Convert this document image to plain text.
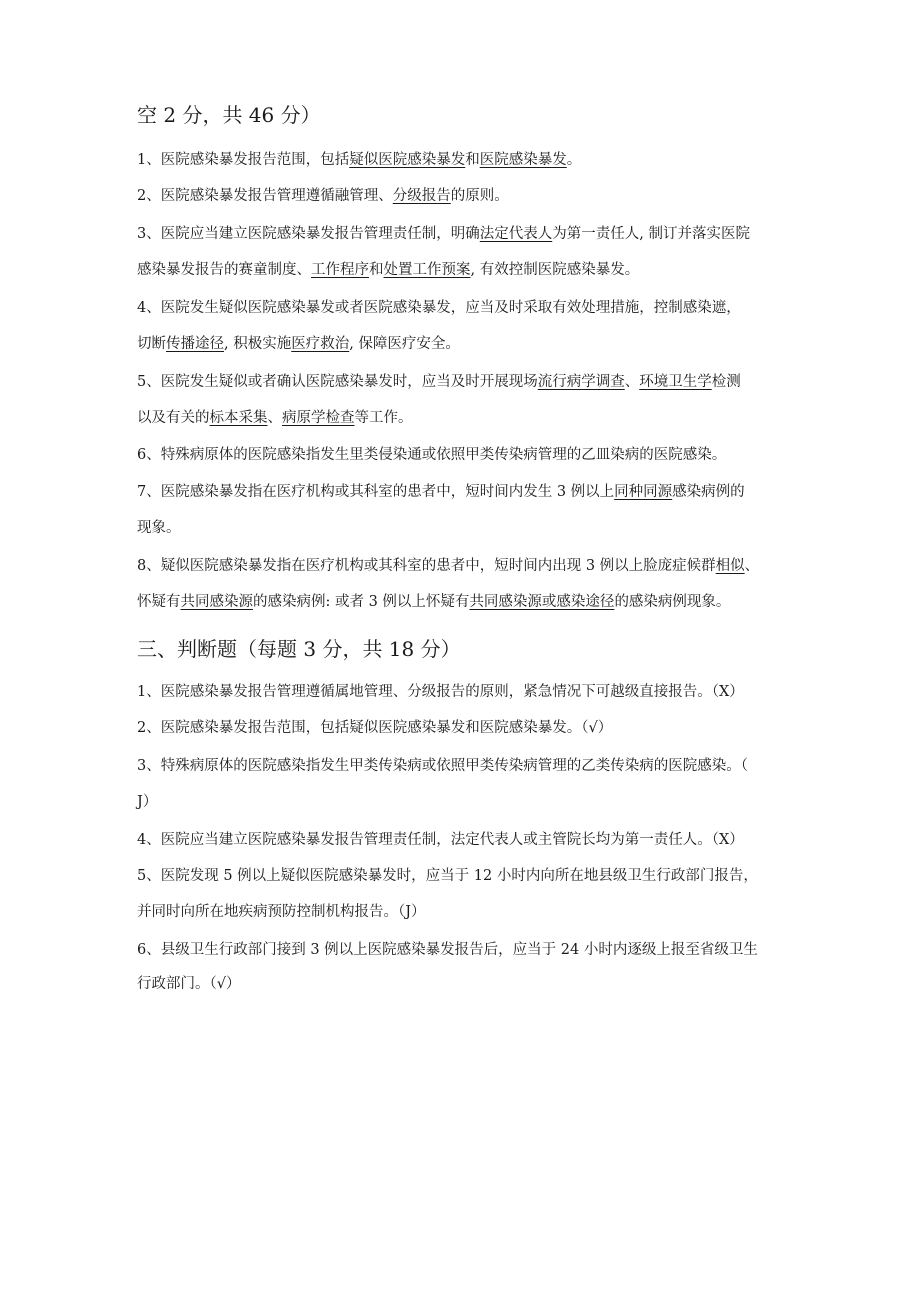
空 2 分，共 46 分）
1、医院感染暴发报告范围，包括疑似医院感染暴发和医院感染暴发。
2、医院感染暴发报告管理遵循融管理、分级报告的原则。
3、医院应当建立医院感染暴发报告管理责任制，明确法定代表人为第一责任人, 制订并落实医院
感染暴发报告的赛童制度、工作程序和处置工作预案, 有效控制医院感染暴发。
4、医院发生疑似医院感染暴发或者医院感染暴发，应当及时采取有效处理措施，控制感染遮，
切断传播途径, 积极实施医疗救治, 保障医疗安全。
5、医院发生疑似或者确认医院感染暴发时，应当及时开展现场流行病学调查、环境卫生学检测
以及有关的标本采集、病原学检查等工作。
6、特殊病原体的医院感染指发生里类侵染通或依照甲类传染病管理的乙皿染病的医院感染。
7、医院感染暴发指在医疗机构或其科室的患者中，短时间内发生 3 例以上同种同源感染病例的
现象。
8、疑似医院感染暴发指在医疗机构或其科室的患者中，短时间内出现 3 例以上脸庞症候群相似、
怀疑有共同感染源的感染病例: 或者 3 例以上怀疑有共同感染源或感染途径的感染病例现象。
三、判断题（每题 3 分，共 18 分）
1、医院感染暴发报告管理遵循属地管理、分级报告的原则，紧急情况下可越级直接报告。（X）
2、医院感染暴发报告范围，包括疑似医院感染暴发和医院感染暴发。（√）
3、特殊病原体的医院感染指发生甲类传染病或依照甲类传染病管理的乙类传染病的医院感染。（
J）
4、医院应当建立医院感染暴发报告管理责任制，法定代表人或主管院长均为第一责任人。（X）
5、医院发现 5 例以上疑似医院感染暴发时，应当于 12 小时内向所在地县级卫生行政部门报告，
并同时向所在地疾病预防控制机构报告。（J）
6、县级卫生行政部门接到 3 例以上医院感染暴发报告后，应当于 24 小时内逐级上报至省级卫生
行政部门。（√）
